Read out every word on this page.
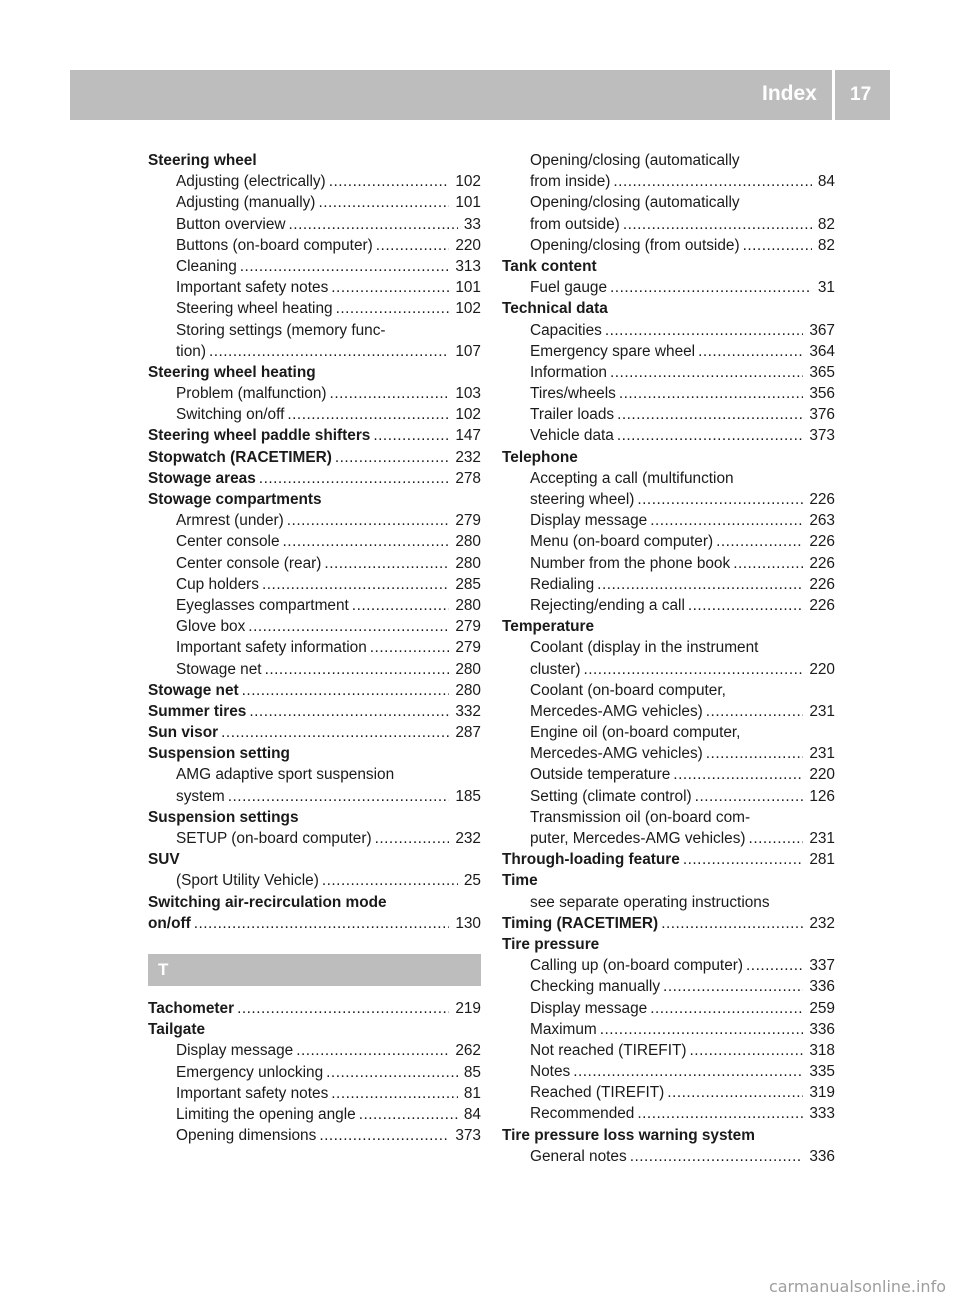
Index 17
Steering wheel
Adjusting (electrically) .....	102
Adjusting (manually) .....	101
Button overview .....	33
Buttons (on-board computer) .....	220
Cleaning .....	313
Important safety notes .....	101
Steering wheel heating .....	102
Storing settings (memory func-
tion) .....	107
Steering wheel heating
Problem (malfunction) .....	103
Switching on/off .....	102
Steering wheel paddle shifters .....	147
Stopwatch (RACETIMER) .....	232
Stowage areas .....	278
Stowage compartments
Armrest (under) .....	279
Center console .....	280
Center console (rear) .....	280
Cup holders .....	285
Eyeglasses compartment .....	280
Glove box .....	279
Important safety information .....	279
Stowage net .....	280
Stowage net .....	280
Summer tires .....	332
Sun visor .....	287
Suspension setting
AMG adaptive sport suspension
system .....	185
Suspension settings
SETUP (on-board computer) .....	232
SUV
(Sport Utility Vehicle) .....	25
Switching air-recirculation mode
on/off .....	130
T
Tachometer .....	219
Tailgate
Display message .....	262
Emergency unlocking .....	85
Important safety notes .....	81
Limiting the opening angle .....	84
Opening dimensions .....	373
Opening/closing (automatically
from inside) .....	84
Opening/closing (automatically
from outside) .....	82
Opening/closing (from outside) .....	82
Tank content
Fuel gauge .....	31
Technical data
Capacities .....	367
Emergency spare wheel .....	364
Information .....	365
Tires/wheels .....	356
Trailer loads .....	376
Vehicle data .....	373
Telephone
Accepting a call (multifunction
steering wheel) .....	226
Display message .....	263
Menu (on-board computer) .....	226
Number from the phone book .....	226
Redialing .....	226
Rejecting/ending a call .....	226
Temperature
Coolant (display in the instrument
cluster) .....	220
Coolant (on-board computer,
Mercedes-AMG vehicles) .....	231
Engine oil (on-board computer,
Mercedes-AMG vehicles) .....	231
Outside temperature .....	220
Setting (climate control) .....	126
Transmission oil (on-board com-
puter, Mercedes-AMG vehicles) .....	231
Through-loading feature .....	281
Time
see separate operating instructions
Timing (RACETIMER) .....	232
Tire pressure
Calling up (on-board computer) .....	337
Checking manually .....	336
Display message .....	259
Maximum .....	336
Not reached (TIREFIT) .....	318
Notes .....	335
Reached (TIREFIT) .....	319
Recommended .....	333
Tire pressure loss warning system
General notes .....	336
carmanualsonline.info
